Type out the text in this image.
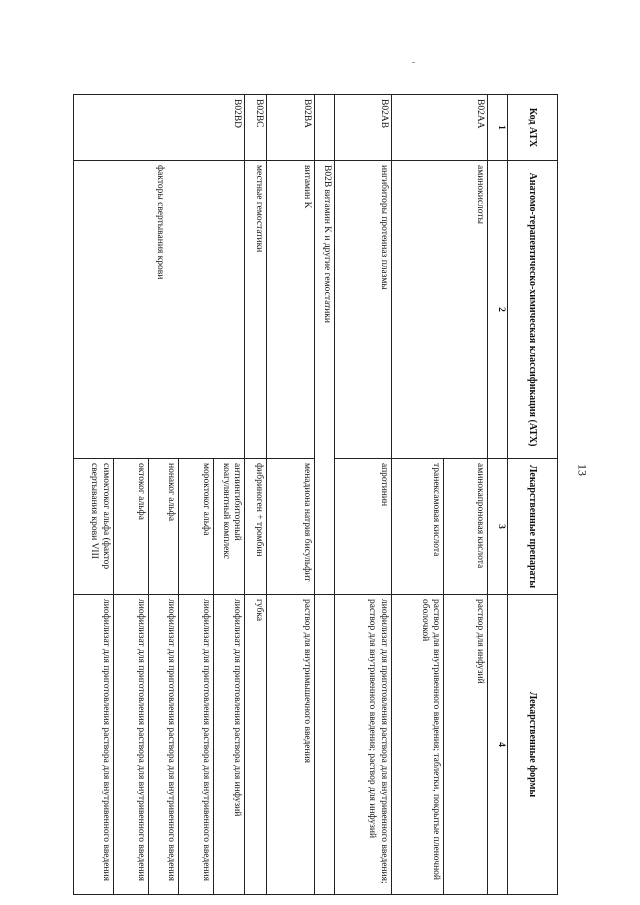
13
Код АТХ	Анатомо-терапевтическо-химическая классификация (АТХ)	Лекарственные препараты	Лекарственные формы
1	2	3	4
B02AA	аминокислоты	аминокапроновая кислота	раствор для инфузий
		транексамовая кислота	раствор для внутривенного введения; таблетки, покрытые пленочной оболочкой
B02AB	ингибиторы протеиназ плазмы	апротинин	лиофилизат для приготовления раствора для внутривенного введения; раствор для внутривенного введения; раствор для инфузий
	B02B витамин K и другие гемостатики		
B02BA	витамин K	менадиона натрия бисульфит	раствор для внутримышечного введения
B02BC	местные гемостатики	фибриноген + тромбин	губка
B02BD	факторы свертывания крови	антиингибиторный коагулянтный комплекс	лиофилизат для приготовления раствора для инфузий
		мороктоког альфа	лиофилизат для приготовления раствора для внутривенного введения
		нонаког альфа	лиофилизат для приготовления раствора для внутривенного введения
		октоког альфа	лиофилизат для приготовления раствора для внутривенного введения
		симоктоког альфа (фактор свертывания крови VIII	лиофилизат для приготовления раствора для внутривенного введения
